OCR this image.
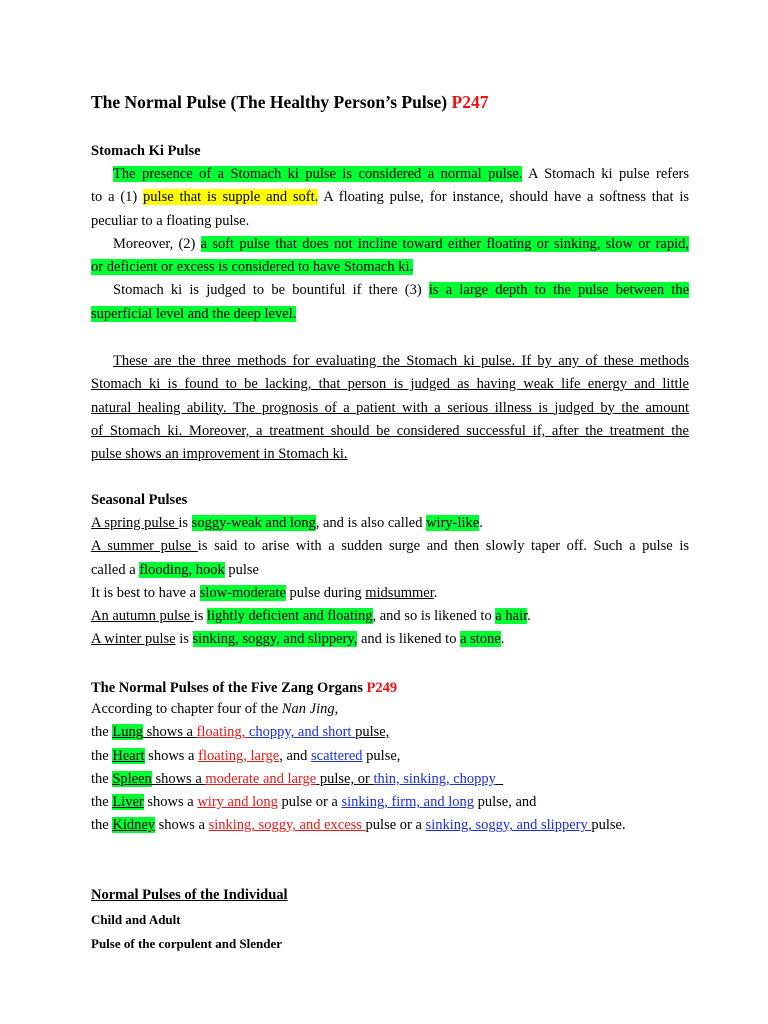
The Normal Pulse (The Healthy Person’s Pulse) P247
Stomach Ki Pulse
The presence of a Stomach ki pulse is considered a normal pulse. A Stomach ki pulse refers
to a (1) pulse that is supple and soft. A floating pulse, for instance, should have a softness that is
peculiar to a floating pulse.
Moreover, (2) a soft pulse that does not incline toward either floating or sinking, slow or rapid,
or deficient or excess is considered to have Stomach ki.
Stomach ki is judged to be bountiful if there (3) is a large depth to the pulse between the
superficial level and the deep level.
These are the three methods for evaluating the Stomach ki pulse. If by any of these methods
Stomach ki is found to be lacking, that person is judged as having weak life energy and little
natural healing ability. The prognosis of a patient with a serious illness is judged by the amount
of Stomach ki. Moreover, a treatment should be considered successful if, after the treatment the
pulse shows an improvement in Stomach ki.
Seasonal Pulses
A spring pulse is soggy-weak and long, and is also called wiry-like.
A summer pulse is said to arise with a sudden surge and then slowly taper off. Such a pulse is
called a flooding, hook pulse
It is best to have a slow-moderate pulse during midsummer.
An autumn pulse is lightly deficient and floating, and so is likened to a hair.
A winter pulse is sinking, soggy, and slippery, and is likened to a stone.
The Normal Pulses of the Five Zang Organs P249
According to chapter four of the Nan Jing,
the Lung shows a floating, choppy, and short pulse,
the Heart shows a floating, large, and scattered pulse,
the Spleen shows a moderate and large pulse, or thin, sinking, choppy
the Liver shows a wiry and long pulse or a sinking, firm, and long pulse, and
the Kidney shows a sinking, soggy, and excess pulse or a sinking, soggy, and slippery pulse.
Normal Pulses of the Individual
Child and Adult
Pulse of the corpulent and Slender
